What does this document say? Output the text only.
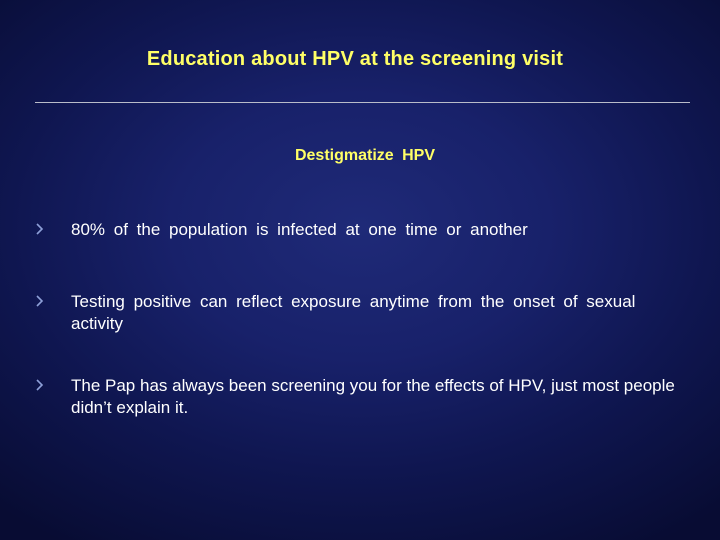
Education about HPV at the screening visit
Destigmatize HPV
80% of the population is infected at one time or another
Testing positive can reflect exposure anytime from the onset of sexual activity
The Pap has always been screening you for the effects of HPV, just most people didn’t explain it.
